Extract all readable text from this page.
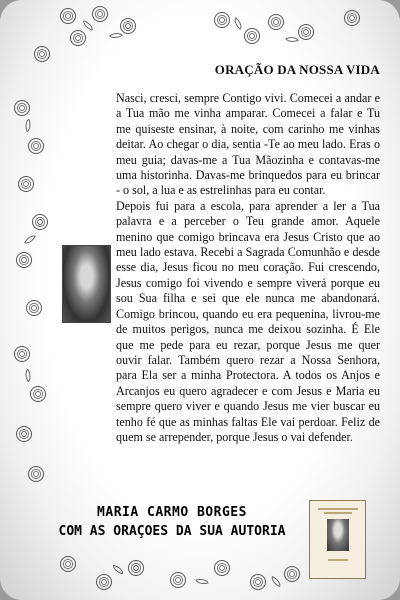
ORAÇÃO DA NOSSA VIDA

Nasci, cresci, sempre Contigo vivi. Comecei a andar e a Tua mão me vinha amparar. Comecei a falar e Tu me quiseste ensinar, à noite, com carinho me vinhas deitar. Ao chegar o dia, sentia -Te ao meu lado. Eras o meu guia; davas-me a Tua Mãozinha e contavas-me uma historinha. Davas-me brinquedos para eu brincar - o sol, a lua e as estrelinhas para eu contar.

Depois fui para a escola, para aprender a ler a Tua palavra e a perceber o Teu grande amor. Aquele menino que comigo brincava era Jesus Cristo que ao meu lado estava. Recebi a Sagrada Comunhão e desde esse dia, Jesus ficou no meu coração. Fui crescendo, Jesus comigo foi vivendo e sempre viverá porque eu sou Sua filha e sei que ele nunca me abandonará. Comigo brincou, quando eu era pequenina, livrou-me de muitos perigos, nunca me deixou sozinha. É Ele que me pede para eu rezar, porque Jesus me quer ouvir falar. Também quero rezar a Nossa Senhora, para Ela ser a minha Protectora. A todos os Anjos e Arcanjos eu quero agradecer e com Jesus e Maria eu sempre quero viver e quando Jesus me vier buscar eu tenho fé que as minhas faltas Ele vai perdoar. Feliz de quem se arrepender, porque Jesus o vai defender.

MARIA CARMO BORGES
COM AS ORAÇOES DA SUA AUTORIA
